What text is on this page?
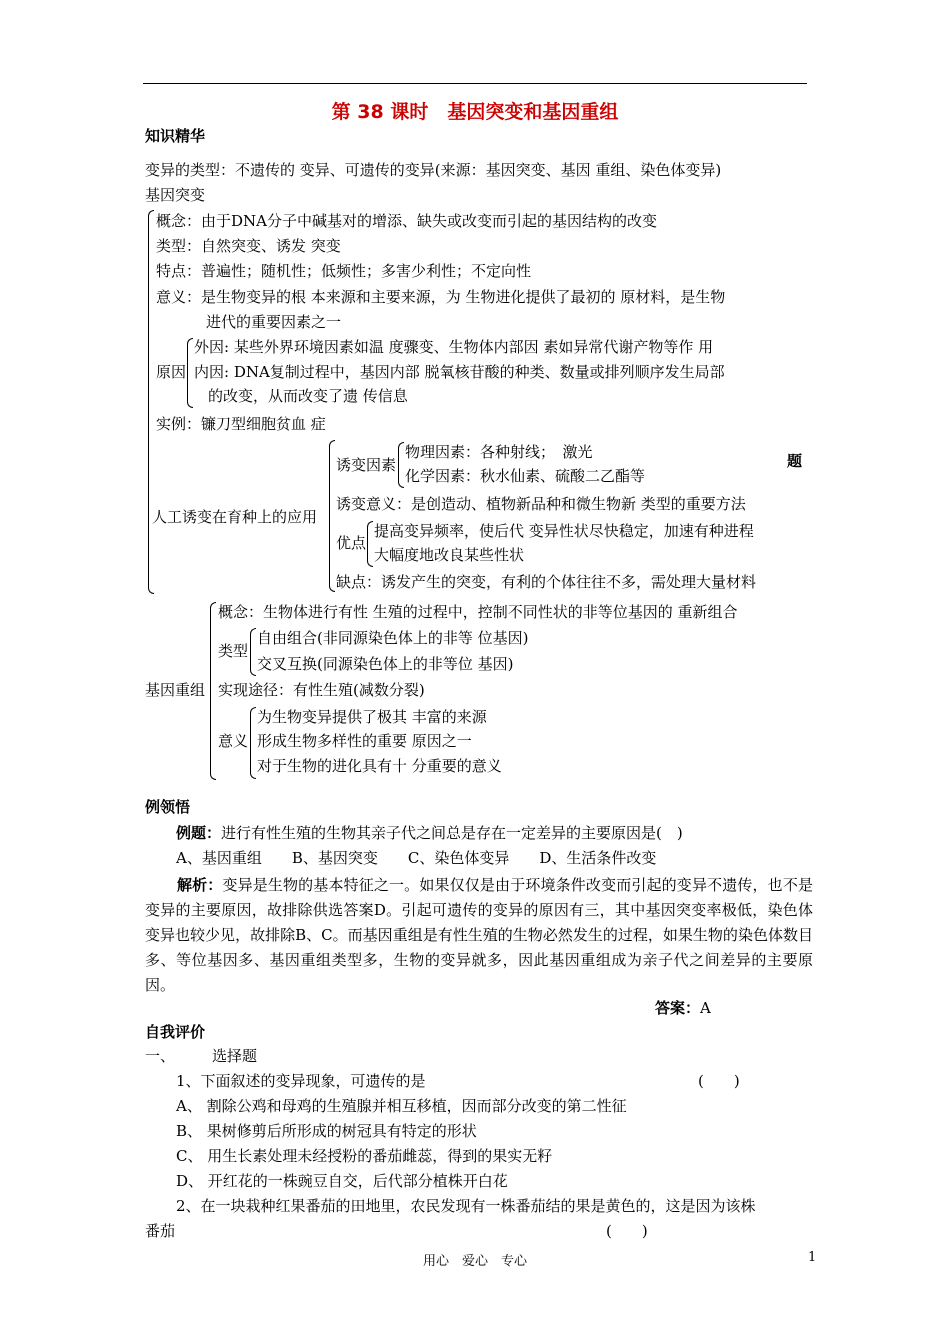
第 38 课时　基因突变和基因重组
知识精华
变异的类型：不遗传的 变异、可遗传的变异(来源：基因突变、基因 重组、染色体变异)
基因突变
概念：由于DNA分子中碱基对的增添、缺失或改变而引起的基因结构的改变
类型：自然突变、诱发 突变
特点：普遍性；随机性；低频性；多害少利性；不定向性
意义：是生物变异的根 本来源和主要来源，为 生物进化提供了最初的 原材料，是生物
进代的重要因素之一
原因
外因: 某些外界环境因素如温 度骤变、生物体内部因 素如异常代谢产物等作 用
内因: DNA复制过程中，基因内部 脱氧核苷酸的种类、数量或排列顺序发生局部
的改变，从而改变了遗 传信息
实例：镰刀型细胞贫血 症
人工诱变在育种上的应用
诱变因素
物理因素：各种射线；　激光
化学因素：秋水仙素、硫酸二乙酯等
题
诱变意义：是创造动、植物新品种和微生物新 类型的重要方法
优点
提高变异频率，使后代 变异性状尽快稳定，加速有种进程
大幅度地改良某些性状
缺点：诱发产生的突变，有利的个体往往不多，需处理大量材料
基因重组
概念：生物体进行有性 生殖的过程中，控制不同性状的非等位基因的 重新组合
类型
自由组合(非同源染色体上的非等 位基因)
交叉互换(同源染色体上的非等位 基因)
实现途径：有性生殖(减数分裂)
意义
为生物变异提供了极其 丰富的来源
形成生物多样性的重要 原因之一
对于生物的进化具有十 分重要的意义
例领悟
例题：进行有性生殖的生物其亲子代之间总是存在一定差异的主要原因是(　)
A、基因重组　　B、基因突变　　C、染色体变异　　D、生活条件改变
解析：变异是生物的基本特征之一。如果仅仅是由于环境条件改变而引起的变异不遗传，也不是变异的主要原因，故排除供选答案D。引起可遗传的变异的原因有三，其中基因突变率极低，染色体变异也较少见，故排除B、C。而基因重组是有性生殖的生物必然发生的过程，如果生物的染色体数目多、等位基因多、基因重组类型多，生物的变异就多，因此基因重组成为亲子代之间差异的主要原因。
答案：A
自我评价
一、 选择题
1、下面叙述的变异现象，可遗传的是	(　　)
A、 割除公鸡和母鸡的生殖腺并相互移植，因而部分改变的第二性征
B、 果树修剪后所形成的树冠具有特定的形状
C、 用生长素处理未经授粉的番茄雌蕊，得到的果实无籽
D、 开红花的一株豌豆自交，后代部分植株开白花
2、在一块栽种红果番茄的田地里，农民发现有一株番茄结的果是黄色的，这是因为该株
番茄	(　　)
用心　爱心　专心	1
